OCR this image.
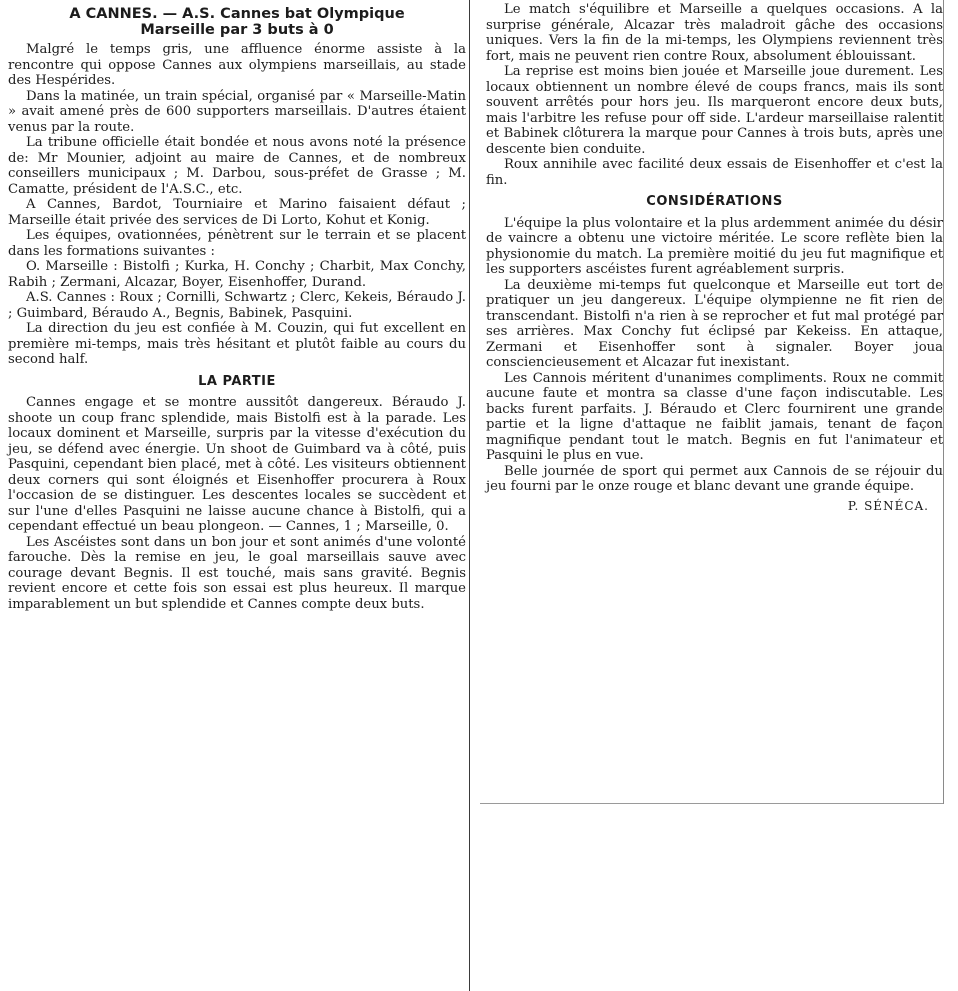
A CANNES. — A.S. Cannes bat Olympique
Marseille par 3 buts à 0

Malgré le temps gris, une affluence énorme assiste à la rencontre qui oppose Cannes aux olympiens marseillais, au stade des Hespérides.

Dans la matinée, un train spécial, organisé par « Marseille-Matin » avait amené près de 600 supporters marseillais. D'autres étaient venus par la route.

La tribune officielle était bondée et nous avons noté la présence de: Mr Mounier, adjoint au maire de Cannes, et de nombreux conseillers municipaux ; M. Darbou, sous-préfet de Grasse ; M. Camatte, président de l'A.S.C., etc.

A Cannes, Bardot, Tourniaire et Marino faisaient défaut ; Marseille était privée des services de Di Lorto, Kohut et Konig.

Les équipes, ovationnées, pénètrent sur le terrain et se placent dans les formations suivantes :

O. Marseille : Bistolfi ; Kurka, H. Conchy ; Charbit, Max Conchy, Rabih ; Zermani, Alcazar, Boyer, Eisenhoffer, Durand.

A.S. Cannes : Roux ; Cornilli, Schwartz ; Clerc, Kekeis, Béraudo J. ; Guimbard, Béraudo A., Begnis, Babinek, Pasquini.

La direction du jeu est confiée à M. Couzin, qui fut excellent en première mi-temps, mais très hésitant et plutôt faible au cours du second half.

LA PARTIE

Cannes engage et se montre aussitôt dangereux. Béraudo J. shoote un coup franc splendide, mais Bistolfi est à la parade. Les locaux dominent et Marseille, surpris par la vitesse d'exécution du jeu, se défend avec énergie. Un shoot de Guimbard va à côté, puis Pasquini, cependant bien placé, met à côté. Les visiteurs obtiennent deux corners qui sont éloignés et Eisenhoffer procurera à Roux l'occasion de se distinguer. Les descentes locales se succèdent et sur l'une d'elles Pasquini ne laisse aucune chance à Bistolfi, qui a cependant effectué un beau plongeon. — Cannes, 1 ; Marseille, 0.

Les Ascéistes sont dans un bon jour et sont animés d'une volonté farouche. Dès la remise en jeu, le goal marseillais sauve avec courage devant Begnis. Il est touché, mais sans gravité. Begnis revient encore et cette fois son essai est plus heureux. Il marque imparablement un but splendide et Cannes compte deux buts.

Le match s'équilibre et Marseille a quelques occasions. A la surprise générale, Alcazar très maladroit gâche des occasions uniques. Vers la fin de la mi-temps, les Olympiens reviennent très fort, mais ne peuvent rien contre Roux, absolument éblouissant.

La reprise est moins bien jouée et Marseille joue durement. Les locaux obtiennent un nombre élevé de coups francs, mais ils sont souvent arrêtés pour hors jeu. Ils marqueront encore deux buts, mais l'arbitre les refuse pour off side. L'ardeur marseillaise ralentit et Babinek clôturera la marque pour Cannes à trois buts, après une descente bien conduite.

Roux annihile avec facilité deux essais de Eisenhoffer et c'est la fin.

CONSIDÉRATIONS

L'équipe la plus volontaire et la plus ardemment animée du désir de vaincre a obtenu une victoire méritée. Le score reflète bien la physionomie du match. La première moitié du jeu fut magnifique et les supporters ascéistes furent agréablement surpris.

La deuxième mi-temps fut quelconque et Marseille eut tort de pratiquer un jeu dangereux. L'équipe olympienne ne fit rien de transcendant. Bistolfi n'a rien à se reprocher et fut mal protégé par ses arrières. Max Conchy fut éclipsé par Kekeiss. En attaque, Zermani et Eisenhoffer sont à signaler. Boyer joua consciencieusement et Alcazar fut inexistant.

Les Cannois méritent d'unanimes compliments. Roux ne commit aucune faute et montra sa classe d'une façon indiscutable. Les backs furent parfaits. J. Béraudo et Clerc fournirent une grande partie et la ligne d'attaque ne faiblit jamais, tenant de façon magnifique pendant tout le match. Begnis en fut l'animateur et Pasquini le plus en vue.

Belle journée de sport qui permet aux Cannois de se réjouir du jeu fourni par le onze rouge et blanc devant une grande équipe.

P. SÉNÉCA.
